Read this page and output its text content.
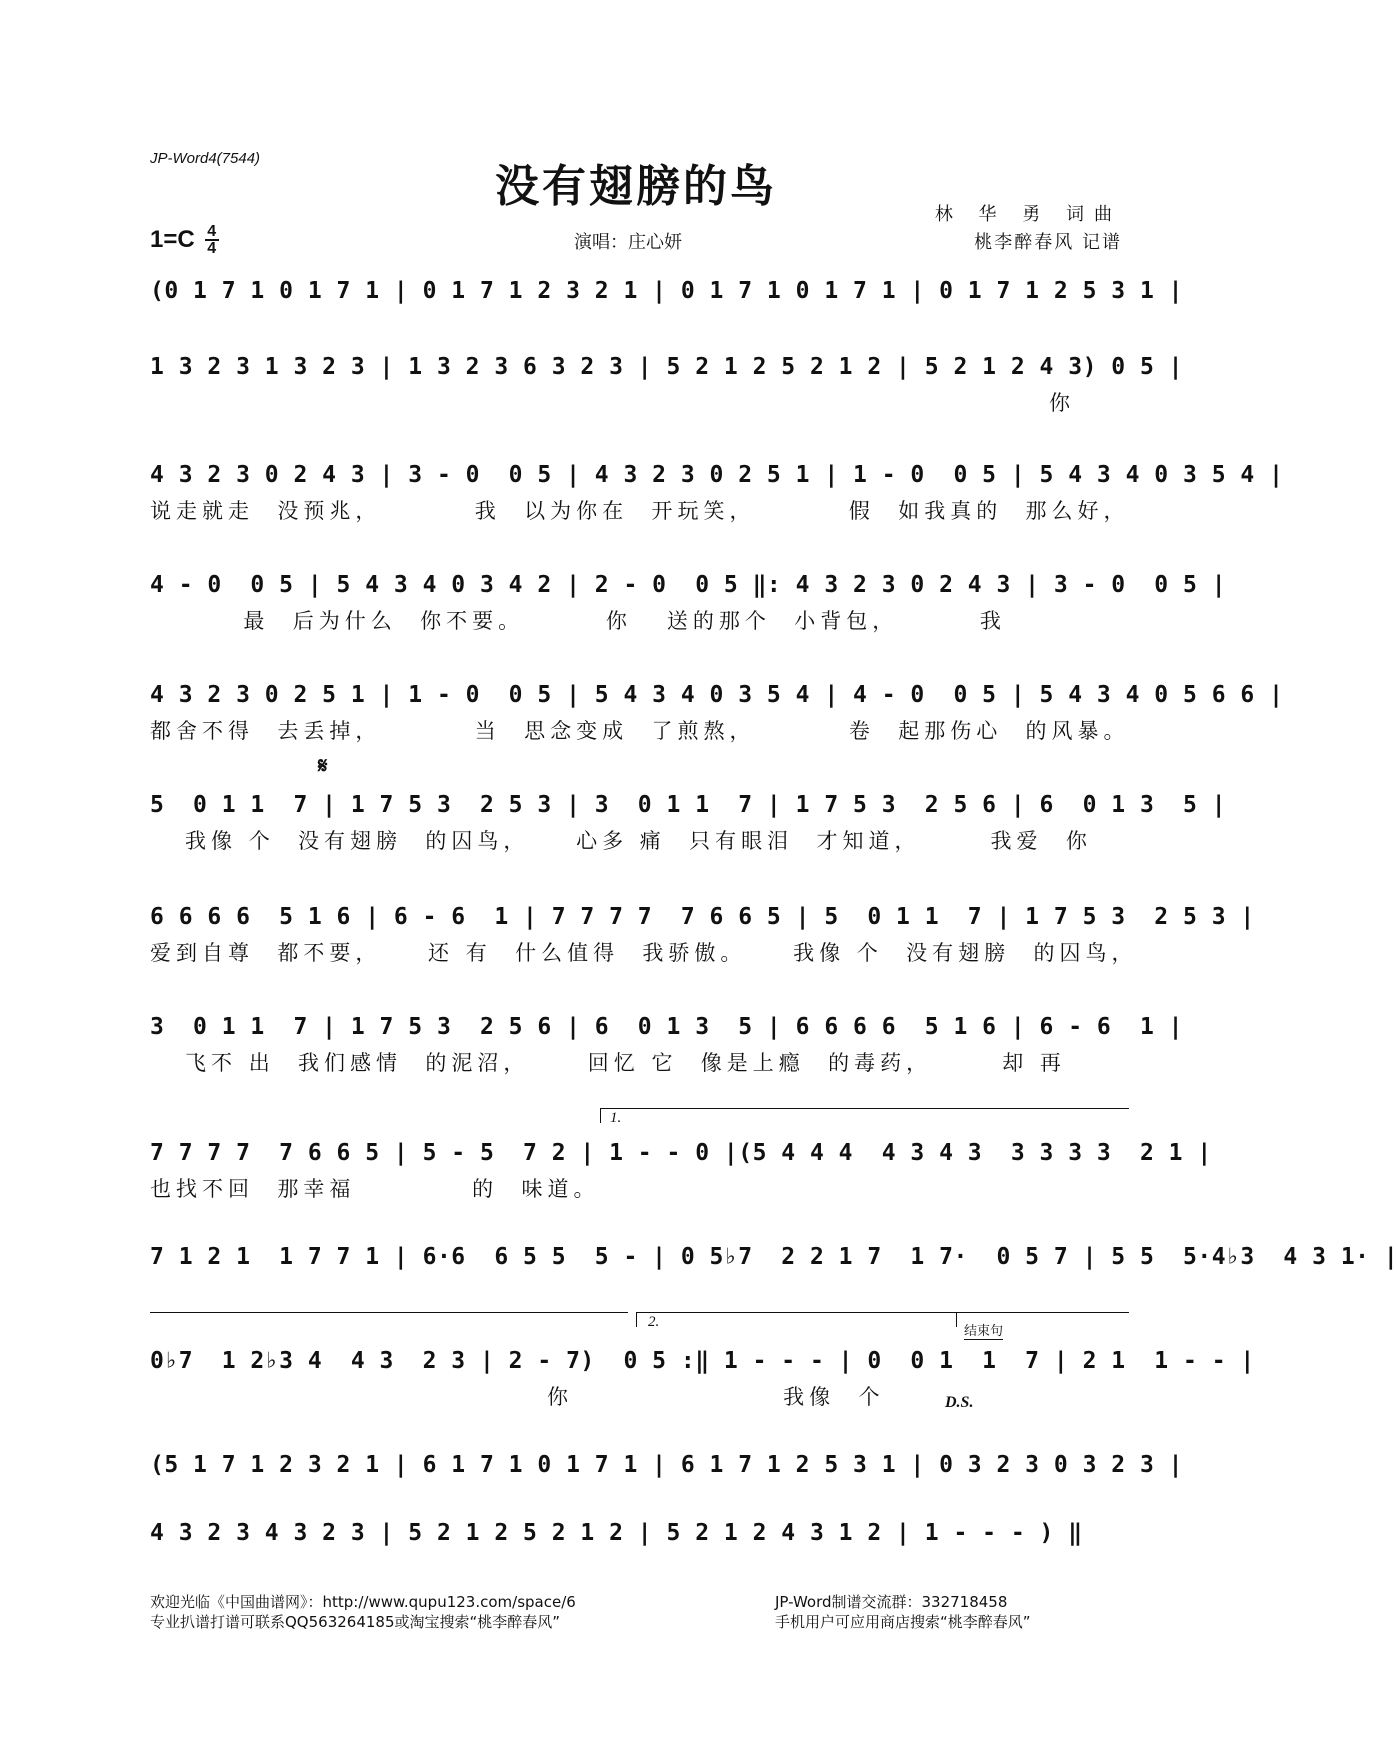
JP-Word4(7544)
没有翅膀的鸟
1=C 4
4	演唱：庄心妍
林 华 勇 词曲
桃李醉春风 记谱
(0 1 7 1 0 1 7 1 | 0 1 7 1 2 3 2 1 | 0 1 7 1 0 1 7 1 | 0 1 7 1 2 5 3 1 |
1 3 2 3 1 3 2 3 | 1 3 2 3 6 3 2 3 | 5 2 1 2 5 2 1 2 | 5 2 1 2 4 3) 0 5 |
你
4 3 2 3 0 2 4 3 | 3 - 0  0 5 | 4 3 2 3 0 2 5 1 | 1 - 0  0 5 | 5 4 3 4 0 3 5 4 |
说走就走  没预兆，        我  以为你在  开玩笑，        假  如我真的  那么好，
4 - 0  0 5 | 5 4 3 4 0 3 4 2 | 2 - 0  0 5 ‖: 4 3 2 3 0 2 4 3 | 3 - 0  0 5 |
最  后为什么  你不要。       你   送的那个  小背包，       我
4 3 2 3 0 2 5 1 | 1 - 0  0 5 | 5 4 3 4 0 3 5 4 | 4 - 0  0 5 | 5 4 3 4 0 5 6 6 |
都舍不得  去丢掉，        当  思念变成  了煎熬，        卷  起那伤心  的风暴。
𝄋
5  0 1 1  7 | 1 7 5 3  2 5 3 | 3  0 1 1  7 | 1 7 5 3  2 5 6 | 6  0 1 3  5 |
我像 个  没有翅膀  的囚鸟，    心多 痛  只有眼泪  才知道，      我爱  你
6 6 6 6  5 1 6 | 6 - 6  1 | 7 7 7 7  7 6 6 5 | 5  0 1 1  7 | 1 7 5 3  2 5 3 |
爱到自尊  都不要，    还 有  什么值得  我骄傲。    我像 个  没有翅膀  的囚鸟，
3  0 1 1  7 | 1 7 5 3  2 5 6 | 6  0 1 3  5 | 6 6 6 6  5 1 6 | 6 - 6  1 |
飞不 出  我们感情  的泥沼，     回忆 它  像是上瘾  的毒药，      却 再
1.
7 7 7 7  7 6 6 5 | 5 - 5  7 2 | 1 - - 0 |(5 4 4 4  4 3 4 3  3 3 3 3  2 1 |
也找不回  那幸福          的  味道。
7 1 2 1  1 7 7 1 | 6·6  6 5 5  5 - | 0 5♭7  2 2 1 7  1 7·  0 5 7 | 5 5  5·4♭3  4 3 1· |
2.
结束句
0♭7  1 2♭3 4  4 3  2 3 | 2 - 7)  0 5 :‖ 1 - - - | 0  0 1  1  7 | 2 1  1 - - |
你                  我像  个	D.S.
(5 1 7 1 2 3 2 1 | 6 1 7 1 0 1 7 1 | 6 1 7 1 2 5 3 1 | 0 3 2 3 0 3 2 3 |
4 3 2 3 4 3 2 3 | 5 2 1 2 5 2 1 2 | 5 2 1 2 4 3 1 2 | 1 - - - ) ‖
欢迎光临《中国曲谱网》：http://www.qupu123.com/space/6
专业扒谱打谱可联系QQ563264185或淘宝搜索“桃李醉春风”
JP-Word制谱交流群：332718458
手机用户可应用商店搜索“桃李醉春风”
